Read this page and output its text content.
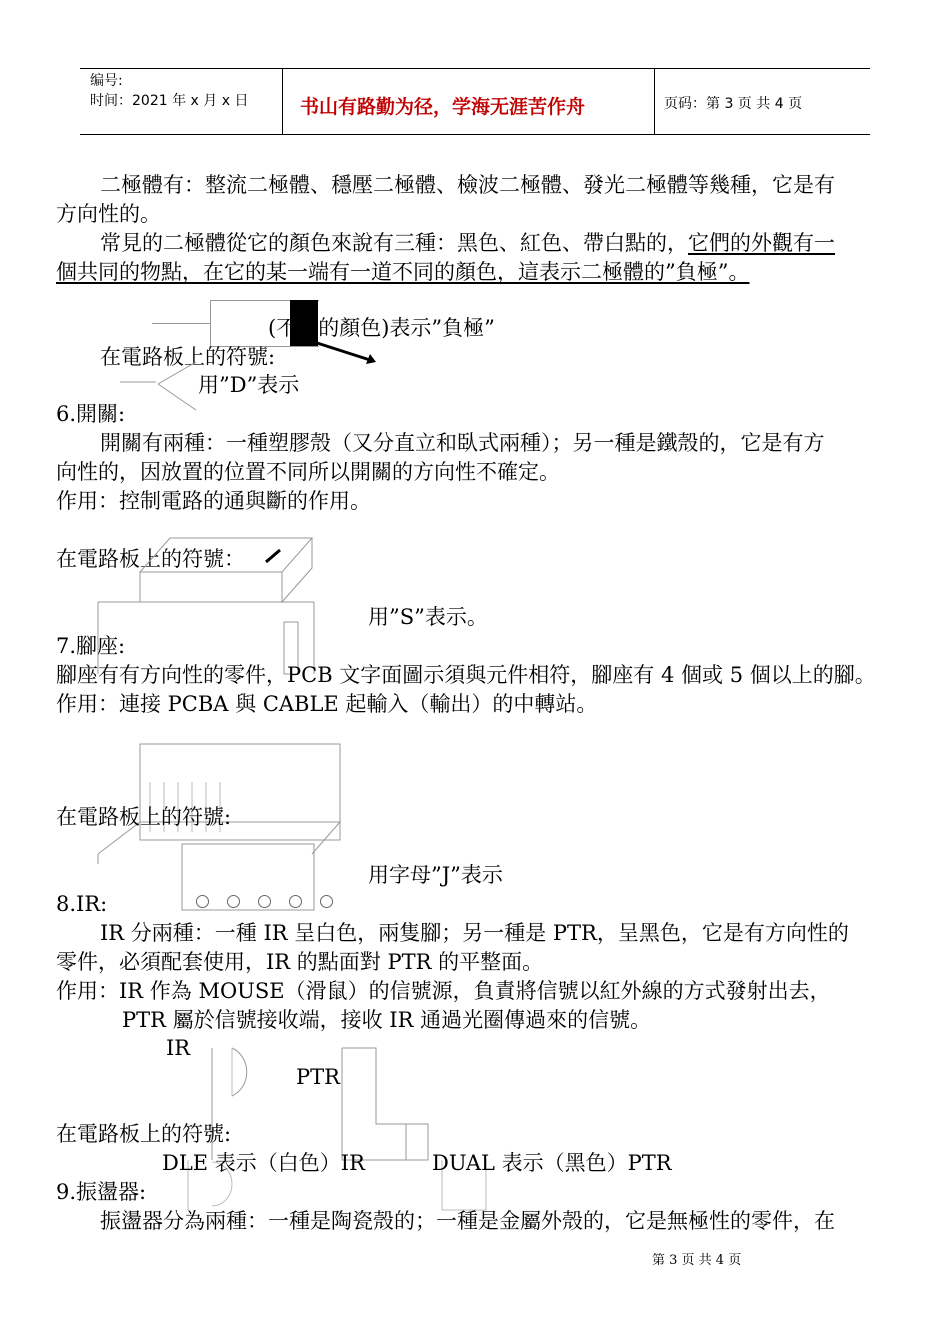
编号:
时间：2021 年 x 月 x 日	书山有路勤为径，学海无涯苦作舟	页码：第 3 页 共 4 页
二極體有：整流二極體、穩壓二極體、檢波二極體、發光二極體等幾種，它是有
方向性的。
常見的二極體從它的顏色來說有三種：黑色、紅色、帶白點的，它們的外觀有一
個共同的物點，在它的某一端有一道不同的顏色，這表示二極體的”負極”。
(不同的顏色)表示”負極”
在電路板上的符號:
用”D”表示
6.開關:
開關有兩種：一種塑膠殼（又分直立和臥式兩種）；另一種是鐵殼的，它是有方
向性的，因放置的位置不同所以開關的方向性不確定。
作用：控制電路的通與斷的作用。
在電路板上的符號：
用”S”表示。
7.腳座:
腳座有有方向性的零件，PCB 文字面圖示須與元件相符，腳座有 4 個或 5 個以上的腳。
作用：連接 PCBA 與 CABLE 起輸入（輸出）的中轉站。
在電路板上的符號:
用字母”J”表示
8.IR:
IR 分兩種：一種 IR 呈白色，兩隻腳；另一種是 PTR，呈黑色，它是有方向性的
零件，必須配套使用，IR 的點面對 PTR 的平整面。
作用：IR 作為 MOUSE（滑鼠）的信號源，負責將信號以紅外線的方式發射出去，
PTR 屬於信號接收端，接收 IR 通過光圈傳過來的信號。
IR
PTR
在電路板上的符號:
DLE 表示（白色）IR	DUAL 表示（黑色）PTR
9.振盪器:
振盪器分為兩種：一種是陶瓷殼的；一種是金屬外殼的，它是無極性的零件，在
第 3 页 共 4 页
